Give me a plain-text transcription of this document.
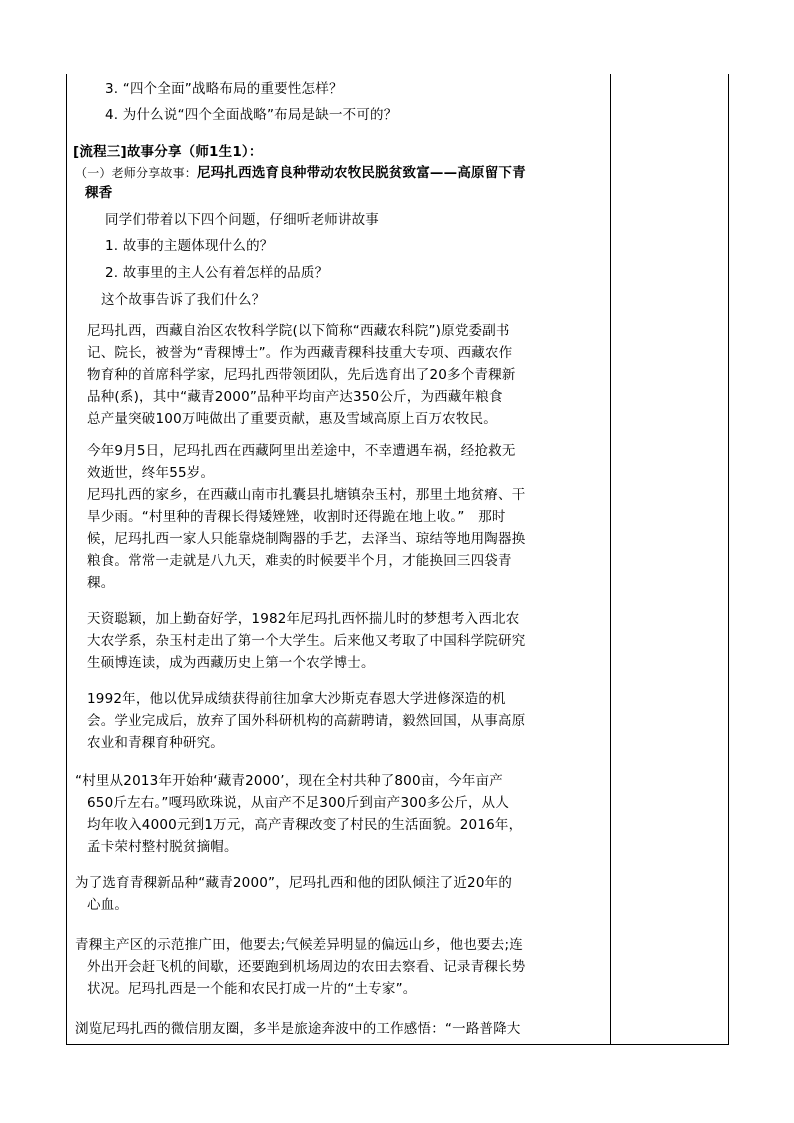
3. “四个全面”战略布局的重要性怎样？
4. 为什么说“四个全面战略”布局是缺一不可的？
[流程三]故事分享（师1生1）：
（一）老师分享故事：尼玛扎西选育良种带动农牧民脱贫致富——高原留下青
稞香
同学们带着以下四个问题，仔细听老师讲故事
1. 故事的主题体现什么的？
2. 故事里的主人公有着怎样的品质？
这个故事告诉了我们什么？
尼玛扎西，西藏自治区农牧科学院(以下简称“西藏农科院”)原党委副书
记、院长，被誉为“青稞博士”。作为西藏青稞科技重大专项、西藏农作
物育种的首席科学家，尼玛扎西带领团队，先后选育出了20多个青稞新
品种(系)，其中“藏青2000”品种平均亩产达350公斤，为西藏年粮食
总产量突破100万吨做出了重要贡献，惠及雪域高原上百万农牧民。
今年9月5日，尼玛扎西在西藏阿里出差途中，不幸遭遇车祸，经抢救无
效逝世，终年55岁。
尼玛扎西的家乡，在西藏山南市扎囊县扎塘镇杂玉村，那里土地贫瘠、干
旱少雨。“村里种的青稞长得矮矬矬，收割时还得跪在地上收。”　那时
候，尼玛扎西一家人只能靠烧制陶器的手艺，去泽当、琼结等地用陶器换
粮食。常常一走就是八九天，难卖的时候要半个月，才能换回三四袋青
稞。
天资聪颖，加上勤奋好学，1982年尼玛扎西怀揣儿时的梦想考入西北农
大农学系，杂玉村走出了第一个大学生。后来他又考取了中国科学院研究
生硕博连读，成为西藏历史上第一个农学博士。
1992年，他以优异成绩获得前往加拿大沙斯克春恩大学进修深造的机
会。学业完成后，放弃了国外科研机构的高薪聘请，毅然回国，从事高原
农业和青稞育种研究。
“村里从2013年开始种‘藏青2000’，现在全村共种了800亩，今年亩产
650斤左右。”嘎玛欧珠说，从亩产不足300斤到亩产300多公斤，从人
均年收入4000元到1万元，高产青稞改变了村民的生活面貌。2016年，
孟卡荣村整村脱贫摘帽。
为了选育青稞新品种“藏青2000”，尼玛扎西和他的团队倾注了近20年的
心血。
青稞主产区的示范推广田，他要去;气候差异明显的偏远山乡，他也要去;连
外出开会赶飞机的间歇，还要跑到机场周边的农田去察看、记录青稞长势
状况。尼玛扎西是一个能和农民打成一片的“土专家”。
浏览尼玛扎西的微信朋友圈，多半是旅途奔波中的工作感悟：“一路普降大
